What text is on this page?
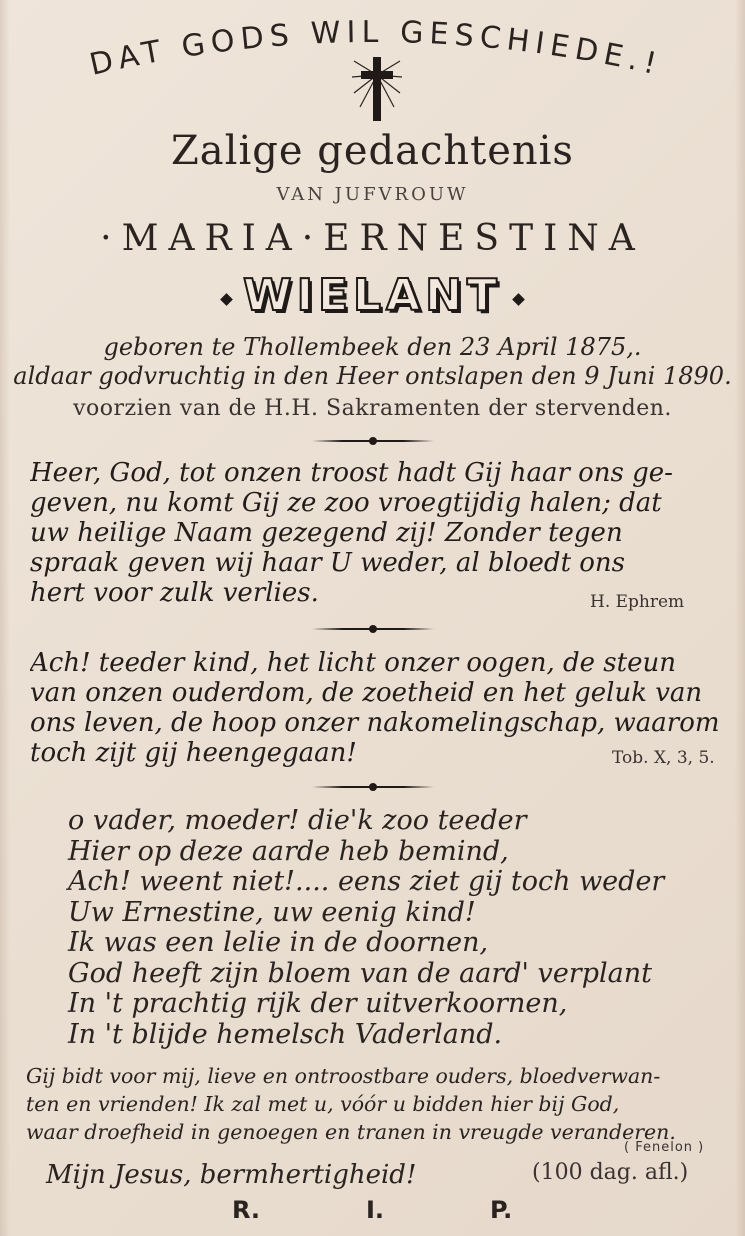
DAT GODS WIL GESCHIEDE.!
Zalige gedachtenis
VAN JUFVROUW
·MARIA·ERNESTINA
WIELANT
geboren te Thollembeek den 23 April 1875,.
aldaar godvruchtig in den Heer ontslapen den 9 Juni 1890.
voorzien van de H.H. Sakramenten der stervenden.
Heer, God, tot onzen troost hadt Gij haar ons ge-
geven, nu komt Gij ze zoo vroegtijdig halen; dat
uw heilige Naam gezegend zij! Zonder tegen
spraak geven wij haar U weder, al bloedt ons
hert voor zulk verlies.	H. Ephrem
Ach! teeder kind, het licht onzer oogen, de steun
van onzen ouderdom, de zoetheid en het geluk van
ons leven, de hoop onzer nakomelingschap, waarom
toch zijt gij heengegaan!	Tob. X, 3, 5.
o vader, moeder! die'k zoo teeder
Hier op deze aarde heb bemind,
Ach! weent niet!.... eens ziet gij toch weder
Uw Ernestine, uw eenig kind!
Ik was een lelie in de doornen,
God heeft zijn bloem van de aard' verplant
In 't prachtig rijk der uitverkoornen,
In 't blijde hemelsch Vaderland.
Gij bidt voor mij, lieve en ontroostbare ouders, bloedverwan-
ten en vrienden! Ik zal met u, vóór u bidden hier bij God,
waar droefheid in genoegen en tranen in vreugde veranderen.
( Fenelon )
Mijn Jesus, bermhertigheid!	(100 dag. afl.)
R.	I.	P.
